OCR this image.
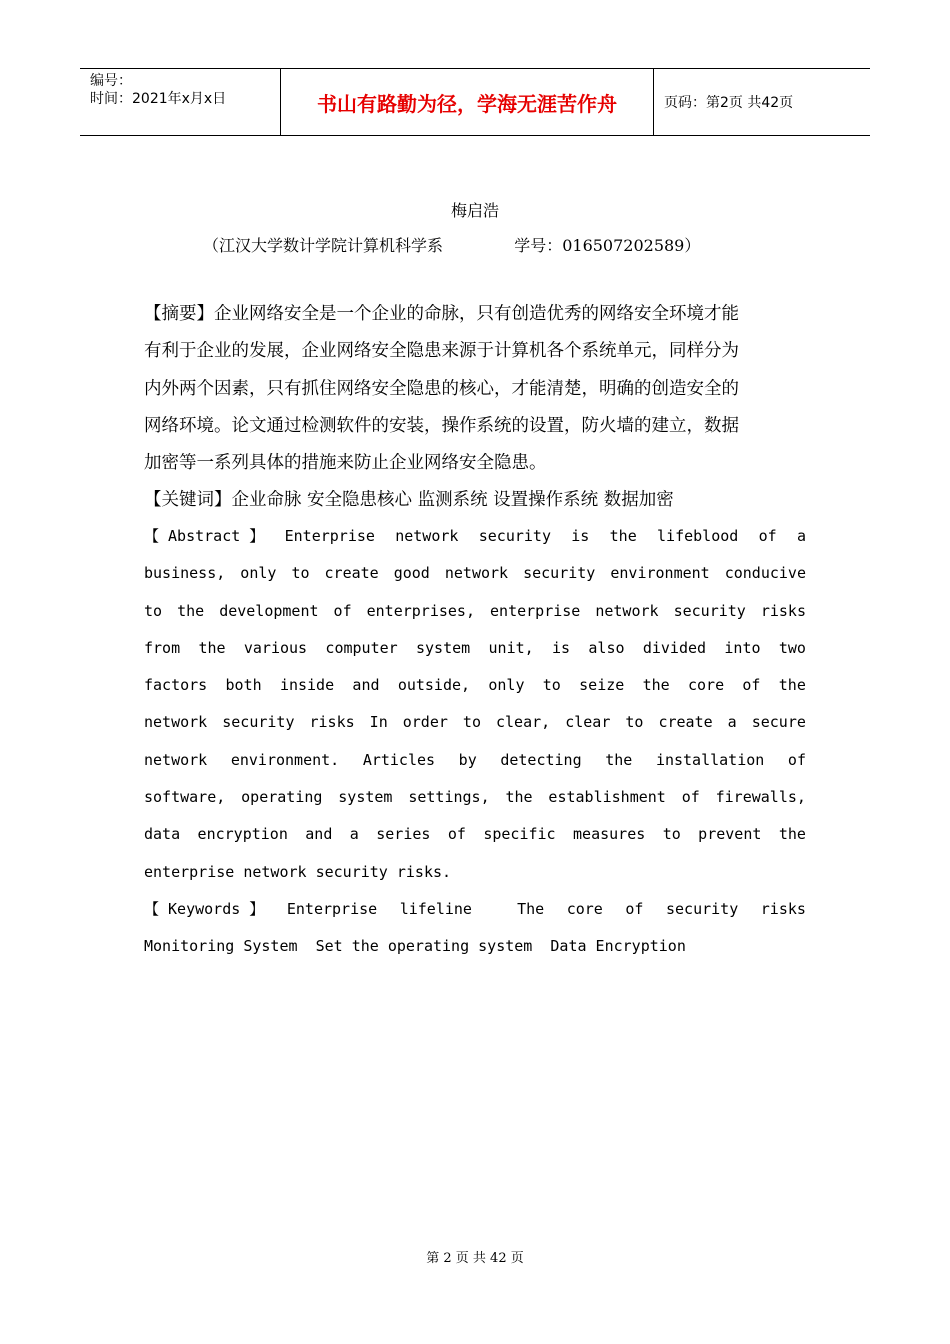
编号：
时间：2021年x月x日	书山有路勤为径，学海无涯苦作舟	页码：第2页 共42页
梅启浩
（江汉大学数计学院计算机科学系              学号：016507202589）
【摘要】企业网络安全是一个企业的命脉，只有创造优秀的网络安全环境才能
有利于企业的发展，企业网络安全隐患来源于计算机各个系统单元，同样分为
内外两个因素，只有抓住网络安全隐患的核心，才能清楚，明确的创造安全的
网络环境。论文通过检测软件的安装，操作系统的设置，防火墙的建立，数据
加密等一系列具体的措施来防止企业网络安全隐患。
【关键词】企业命脉 安全隐患核心 监测系统 设置操作系统 数据加密
【 Abstract 】 Enterprise network security is the lifeblood of a
business, only to create good network security environment conducive
to the development of enterprises, enterprise network security risks
from the various computer system unit, is also divided into two
factors both inside and outside, only to seize the core of the
network security risks In order to clear, clear to create a secure
network environment. Articles by detecting the installation of
software, operating system settings, the establishment of firewalls,
data encryption and a series of specific measures to prevent the
enterprise network security risks.
【 Keywords 】 Enterprise lifeline	The core of security risks
Monitoring System  Set the operating system  Data Encryption
第 2 页 共 42 页
